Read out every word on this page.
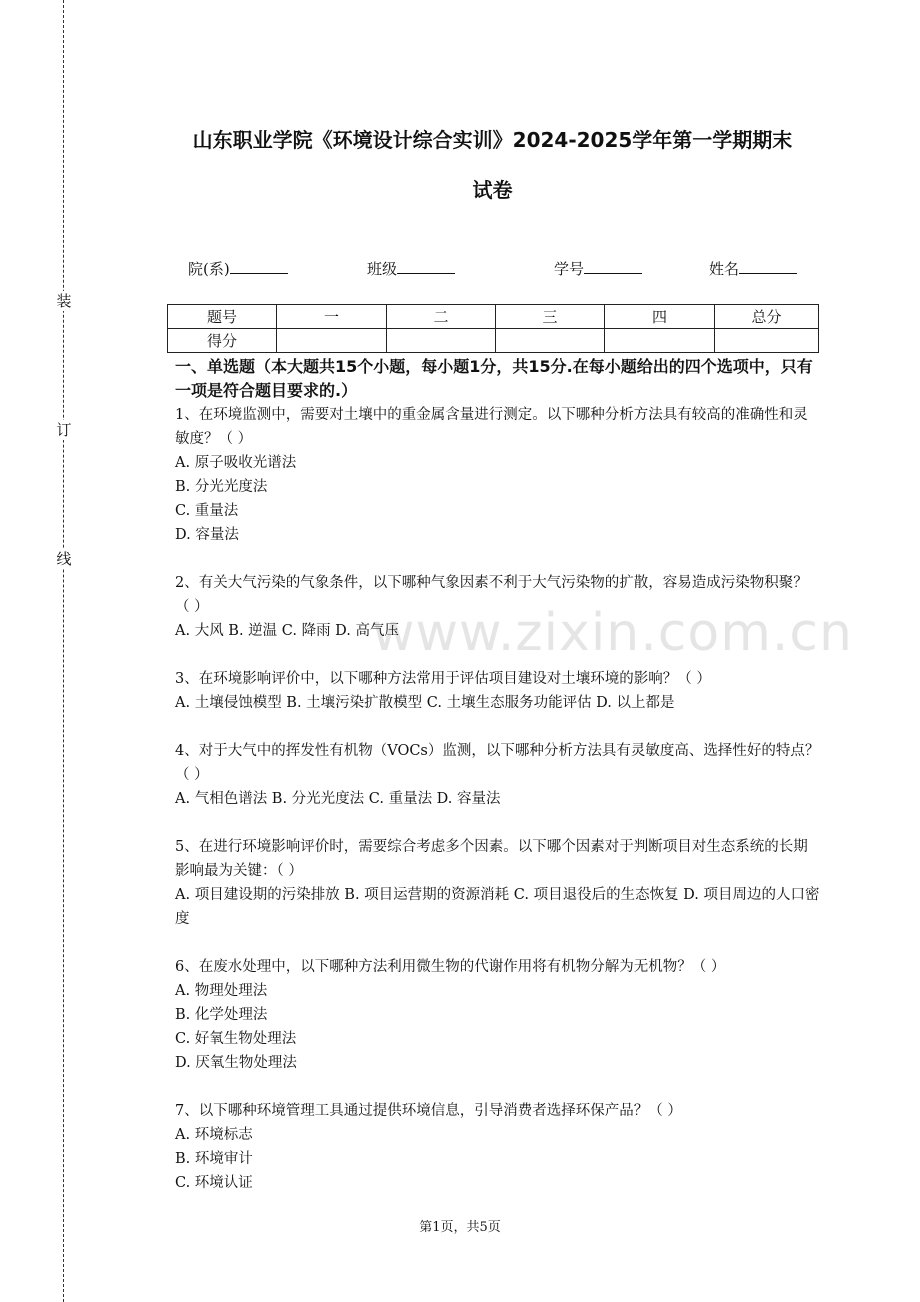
装
订
线
山东职业学院《环境设计综合实训》2024-2025学年第一学期期末
试卷
院(系)	班级	学号	姓名
题号	一	二	三	四	总分
得分					
www.zixin.com.cn
一、单选题（本大题共15个小题，每小题1分，共15分.在每小题给出的四个选项中，只有一项是符合题目要求的.）
1、在环境监测中，需要对土壤中的重金属含量进行测定。以下哪种分析方法具有较高的准确性和灵敏度？（ ）
A. 原子吸收光谱法
B. 分光光度法
C. 重量法
D. 容量法
2、有关大气污染的气象条件，以下哪种气象因素不利于大气污染物的扩散，容易造成污染物积聚？（ ）
A. 大风 B. 逆温 C. 降雨 D. 高气压
3、在环境影响评价中，以下哪种方法常用于评估项目建设对土壤环境的影响？（ ）
A. 土壤侵蚀模型 B. 土壤污染扩散模型 C. 土壤生态服务功能评估 D. 以上都是
4、对于大气中的挥发性有机物（VOCs）监测，以下哪种分析方法具有灵敏度高、选择性好的特点？（ ）
A. 气相色谱法 B. 分光光度法 C. 重量法 D. 容量法
5、在进行环境影响评价时，需要综合考虑多个因素。以下哪个因素对于判断项目对生态系统的长期影响最为关键：（ ）
A. 项目建设期的污染排放 B. 项目运营期的资源消耗 C. 项目退役后的生态恢复 D. 项目周边的人口密度
6、在废水处理中，以下哪种方法利用微生物的代谢作用将有机物分解为无机物？（ ）
A. 物理处理法
B. 化学处理法
C. 好氧生物处理法
D. 厌氧生物处理法
7、以下哪种环境管理工具通过提供环境信息，引导消费者选择环保产品？（ ）
A. 环境标志
B. 环境审计
C. 环境认证
第1页，共5页
